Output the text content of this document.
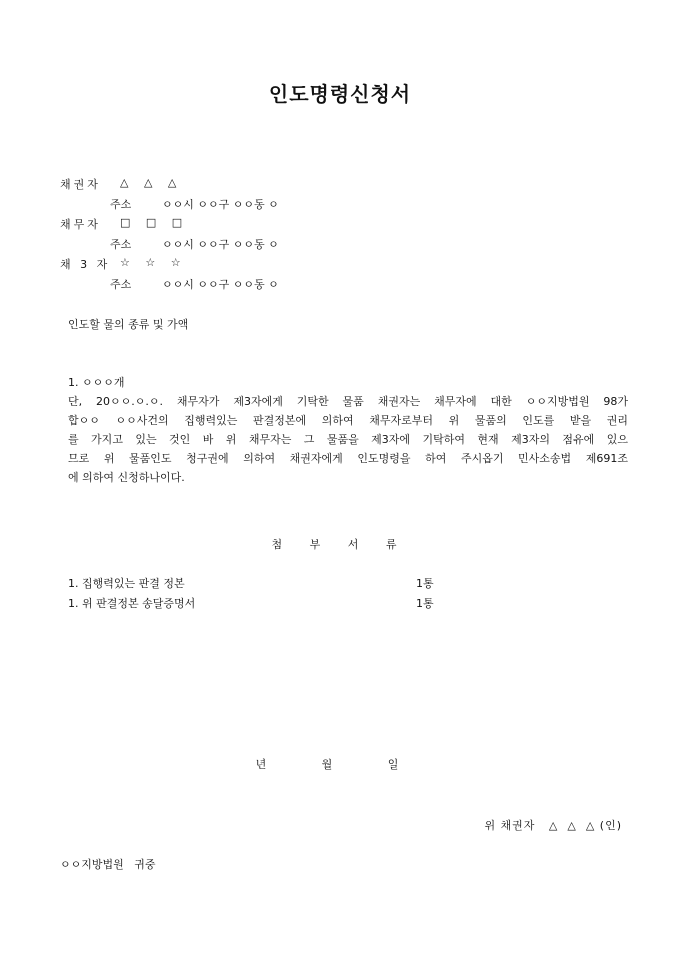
인도명령신청서
채권자 △ △ △
주소	ㅇㅇ시 ㅇㅇ구 ㅇㅇ동 ㅇ
채무자 □ □ □
주소	ㅇㅇ시 ㅇㅇ구 ㅇㅇ동 ㅇ
채 3 자 ☆ ☆ ☆
주소	ㅇㅇ시 ㅇㅇ구 ㅇㅇ동 ㅇ
인도할 물의 종류 및 가액
1. ㅇㅇㅇ개
단, 20ㅇㅇ.ㅇ.ㅇ. 채무자가 제3자에게 기탁한 물품 채권자는 채무자에 대한 ㅇㅇ지방법원 98가
합ㅇㅇ ㅇㅇ사건의 집행력있는 판결정본에 의하여 채무자로부터 위 물품의 인도를 받을 권리
를 가지고 있는 것인 바 위 채무자는 그 물품을 제3자에 기탁하여 현재 제3자의 점유에 있으
므로 위 물품인도 청구권에 의하여 채권자에게 인도명령을 하여 주시옵기 민사소송법 제691조
에 의하여 신청하나이다.
첨 부 서 류
1. 집행력있는 판결 정본	1통
1. 위 판결정본 송달증명서	1통
년 월 일
위 채권자   △  △  △ (인)
ㅇㅇ지방법원   귀중
